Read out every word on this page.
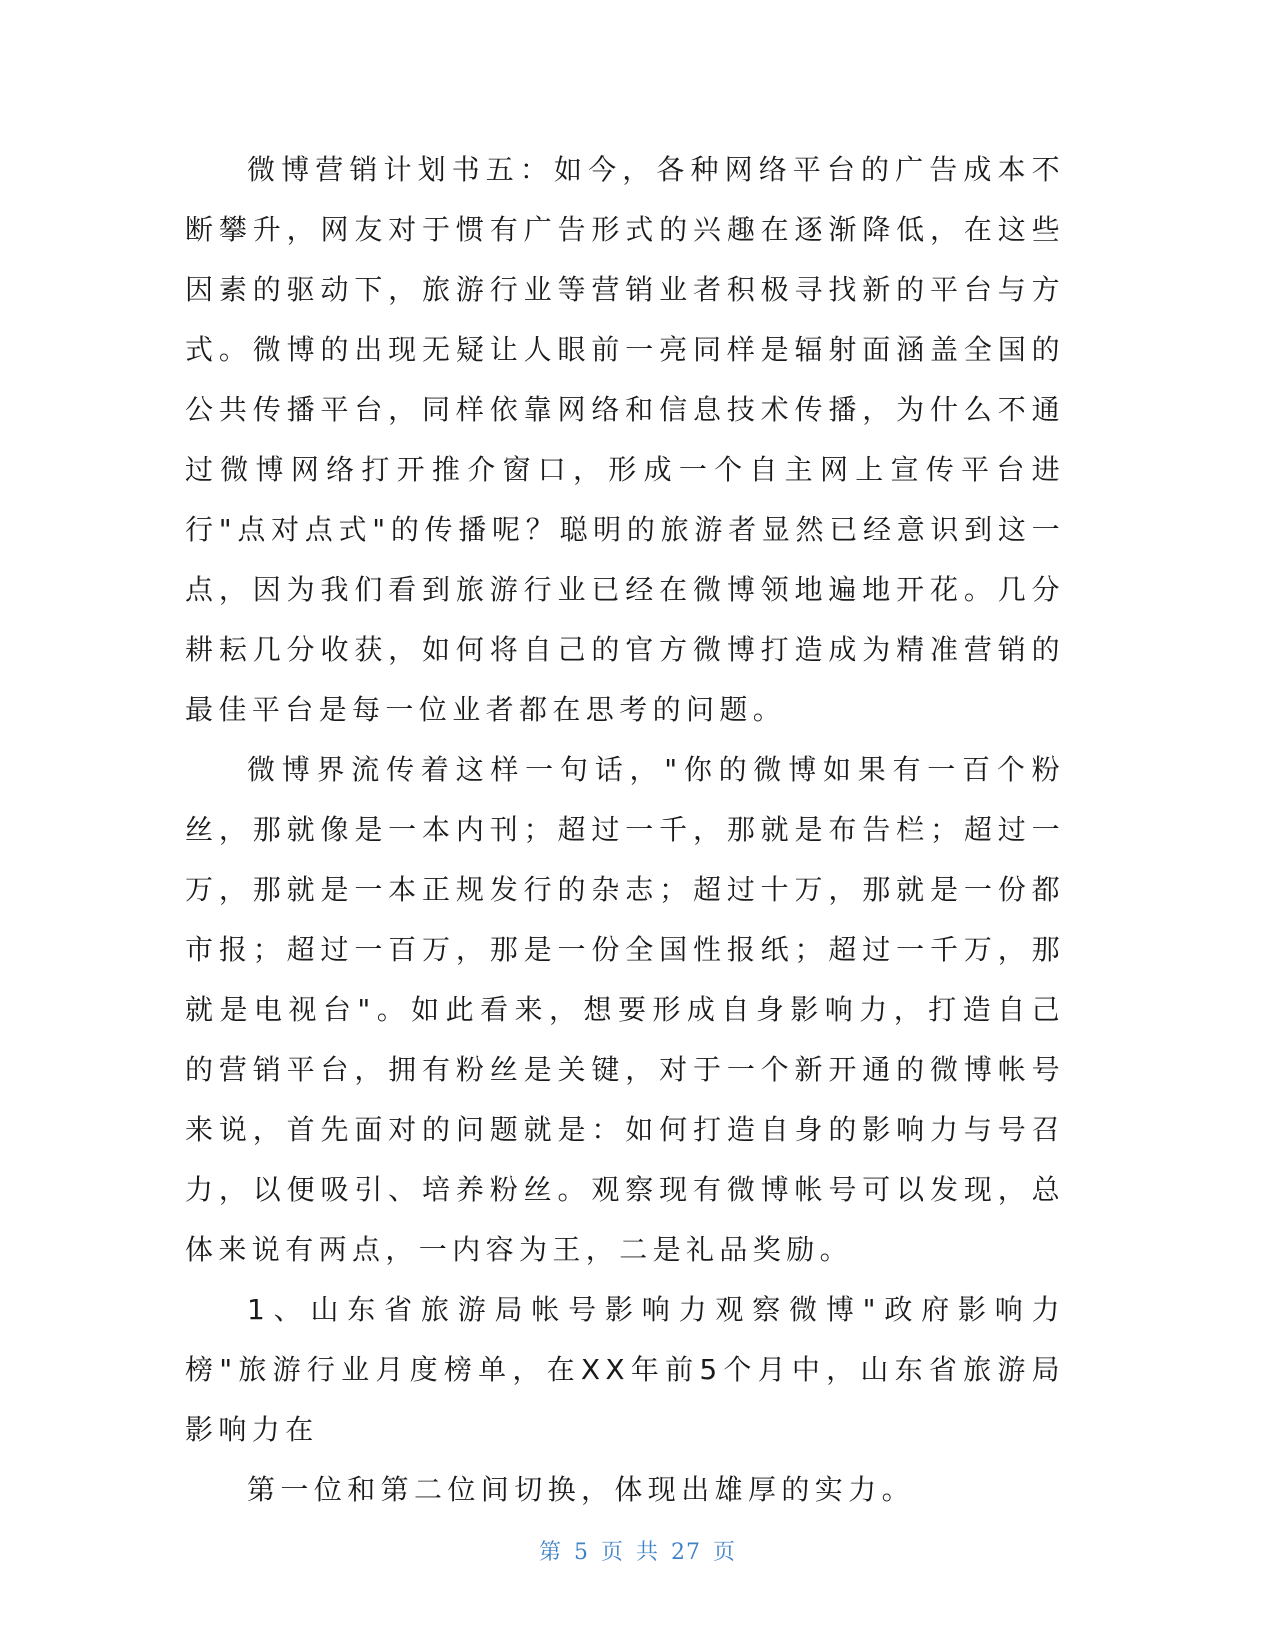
微博营销计划书五：如今，各种网络平台的广告成本不断攀升，网友对于惯有广告形式的兴趣在逐渐降低，在这些因素的驱动下，旅游行业等营销业者积极寻找新的平台与方式。微博的出现无疑让人眼前一亮同样是辐射面涵盖全国的公共传播平台，同样依靠网络和信息技术传播，为什么不通过微博网络打开推介窗口，形成一个自主网上宣传平台进行"点对点式"的传播呢？聪明的旅游者显然已经意识到这一点，因为我们看到旅游行业已经在微博领地遍地开花。几分耕耘几分收获，如何将自己的官方微博打造成为精准营销的最佳平台是每一位业者都在思考的问题。

微博界流传着这样一句话，"你的微博如果有一百个粉丝，那就像是一本内刊；超过一千，那就是布告栏；超过一万，那就是一本正规发行的杂志；超过十万，那就是一份都市报；超过一百万，那是一份全国性报纸；超过一千万，那就是电视台"。如此看来，想要形成自身影响力，打造自己的营销平台，拥有粉丝是关键，对于一个新开通的微博帐号来说，首先面对的问题就是：如何打造自身的影响力与号召力，以便吸引、培养粉丝。观察现有微博帐号可以发现，总体来说有两点，一内容为王，二是礼品奖励。

1、山东省旅游局帐号影响力观察微博"政府影响力榜"旅游行业月度榜单，在XX年前5个月中，山东省旅游局影响力在

第一位和第二位间切换，体现出雄厚的实力。

第 5 页 共 27 页
